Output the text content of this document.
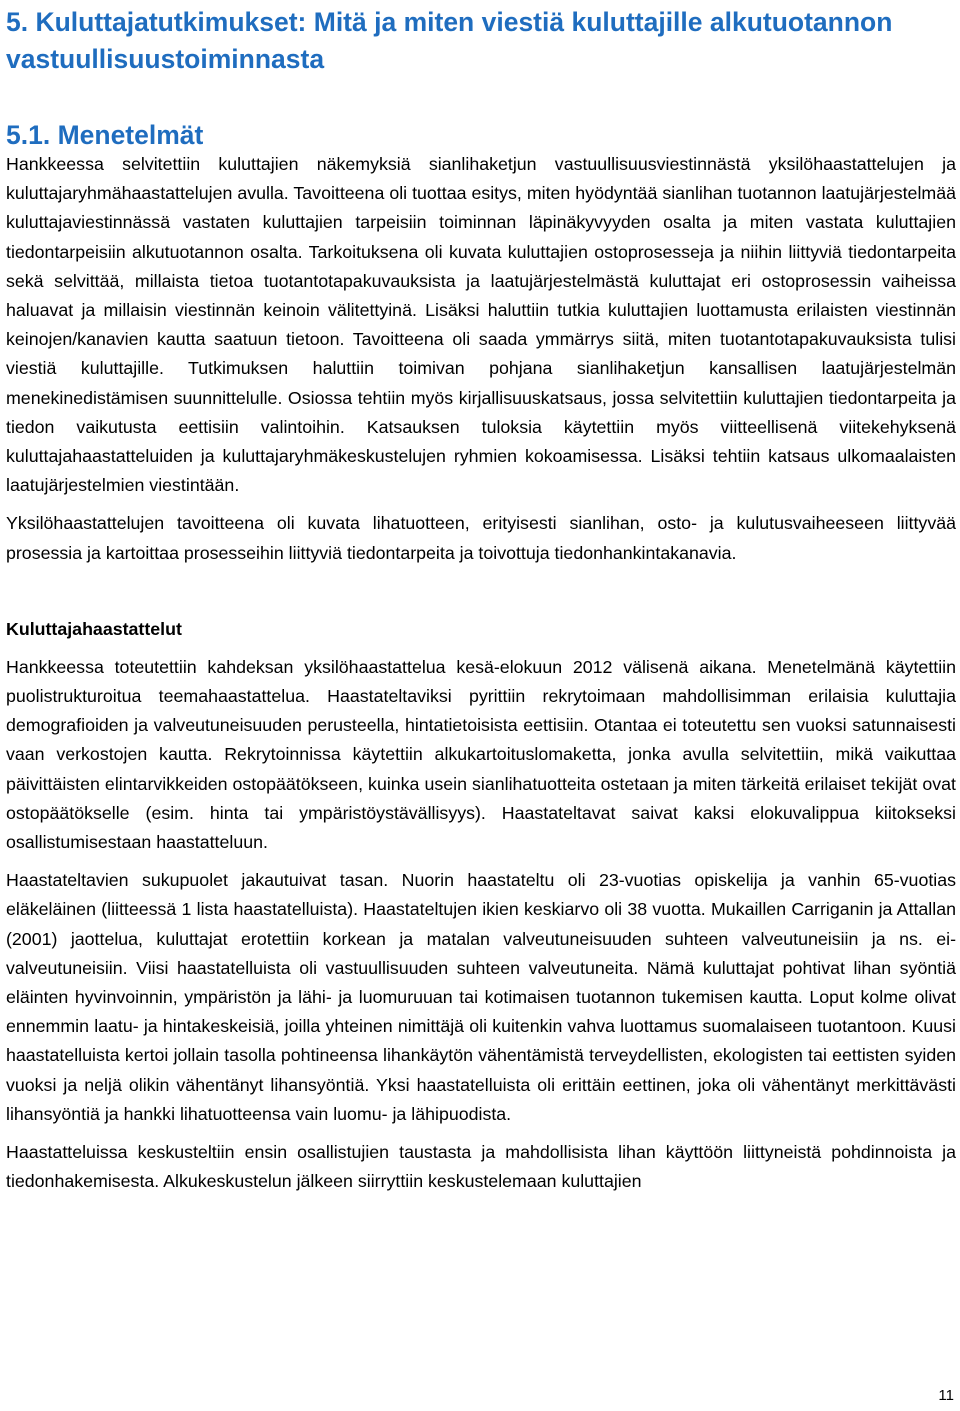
5. Kuluttajatutkimukset: Mitä ja miten viestiä kuluttajille alkutuotannon vastuullisuustoiminnasta
5.1. Menetelmät

Hankkeessa selvitettiin kuluttajien näkemyksiä sianlihaketjun vastuullisuusviestinnästä yksilöhaastattelujen ja kuluttajaryhmähaastattelujen avulla. Tavoitteena oli tuottaa esitys, miten hyödyntää sianlihan tuotannon laatujärjestelmää kuluttajaviestinnässä vastaten kuluttajien tarpeisiin toiminnan läpinäkyvyyden osalta ja miten vastata kuluttajien tiedontarpeisiin alkutuotannon osalta. Tarkoituksena oli kuvata kuluttajien ostoprosesseja ja niihin liittyviä tiedontarpeita sekä selvittää, millaista tietoa tuotantotapakuvauksista ja laatujärjestelmästä kuluttajat eri ostoprosessin vaiheissa haluavat ja millaisin viestinnän keinoin välitettyinä. Lisäksi haluttiin tutkia kuluttajien luottamusta erilaisten viestinnän keinojen/kanavien kautta saatuun tietoon. Tavoitteena oli saada ymmärrys siitä, miten tuotantotapakuvauksista tulisi viestiä kuluttajille. Tutkimuksen haluttiin toimivan pohjana sianlihaketjun kansallisen laatujärjestelmän menekinedistämisen suunnittelulle. Osiossa tehtiin myös kirjallisuuskatsaus, jossa selvitettiin kuluttajien tiedontarpeita ja tiedon vaikutusta eettisiin valintoihin. Katsauksen tuloksia käytettiin myös viitteellisenä viitekehyksenä kuluttajahaastatteluiden ja kuluttajaryhmäkeskustelujen ryhmien kokoamisessa. Lisäksi tehtiin katsaus ulkomaalaisten laatujärjestelmien viestintään.

Yksilöhaastattelujen tavoitteena oli kuvata lihatuotteen, erityisesti sianlihan, osto- ja kulutusvaiheeseen liittyvää prosessia ja kartoittaa prosesseihin liittyviä tiedontarpeita ja toivottuja tiedonhankintakanavia.

Kuluttajahaastattelut

Hankkeessa toteutettiin kahdeksan yksilöhaastattelua kesä-elokuun 2012 välisenä aikana. Menetelmänä käytettiin puolistrukturoitua teemahaastattelua. Haastateltaviksi pyrittiin rekrytoimaan mahdollisimman erilaisia kuluttajia demografioiden ja valveutuneisuuden perusteella, hintatietoisista eettisiin. Otantaa ei toteutettu sen vuoksi satunnaisesti vaan verkostojen kautta. Rekrytoinnissa käytettiin alkukartoituslomaketta, jonka avulla selvitettiin, mikä vaikuttaa päivittäisten elintarvikkeiden ostopäätökseen, kuinka usein sianlihatuotteita ostetaan ja miten tärkeitä erilaiset tekijät ovat ostopäätökselle (esim. hinta tai ympäristöystävällisyys). Haastateltavat saivat kaksi elokuvalippua kiitokseksi osallistumisestaan haastatteluun.

Haastateltavien sukupuolet jakautuivat tasan. Nuorin haastateltu oli 23-vuotias opiskelija ja vanhin 65-vuotias eläkeläinen (liitteessä 1 lista haastatelluista). Haastateltujen ikien keskiarvo oli 38 vuotta. Mukaillen Carriganin ja Attallan (2001) jaottelua, kuluttajat erotettiin korkean ja matalan valveutuneisuuden suhteen valveutuneisiin ja ns. ei-valveutuneisiin. Viisi haastatelluista oli vastuullisuuden suhteen valveutuneita. Nämä kuluttajat pohtivat lihan syöntiä eläinten hyvinvoinnin, ympäristön ja lähi- ja luomuruuan tai kotimaisen tuotannon tukemisen kautta. Loput kolme olivat ennemmin laatu- ja hintakeskeisiä, joilla yhteinen nimittäjä oli kuitenkin vahva luottamus suomalaiseen tuotantoon. Kuusi haastatelluista kertoi jollain tasolla pohtineensa lihankäytön vähentämistä terveydellisten, ekologisten tai eettisten syiden vuoksi ja neljä olikin vähentänyt lihansyöntiä. Yksi haastatelluista oli erittäin eettinen, joka oli vähentänyt merkittävästi lihansyöntiä ja hankki lihatuotteensa vain luomu- ja lähipuodista.

Haastatteluissa keskusteltiin ensin osallistujien taustasta ja mahdollisista lihan käyttöön liittyneistä pohdinnoista ja tiedonhakemisesta. Alkukeskustelun jälkeen siirryttiin keskustelemaan kuluttajien

11
